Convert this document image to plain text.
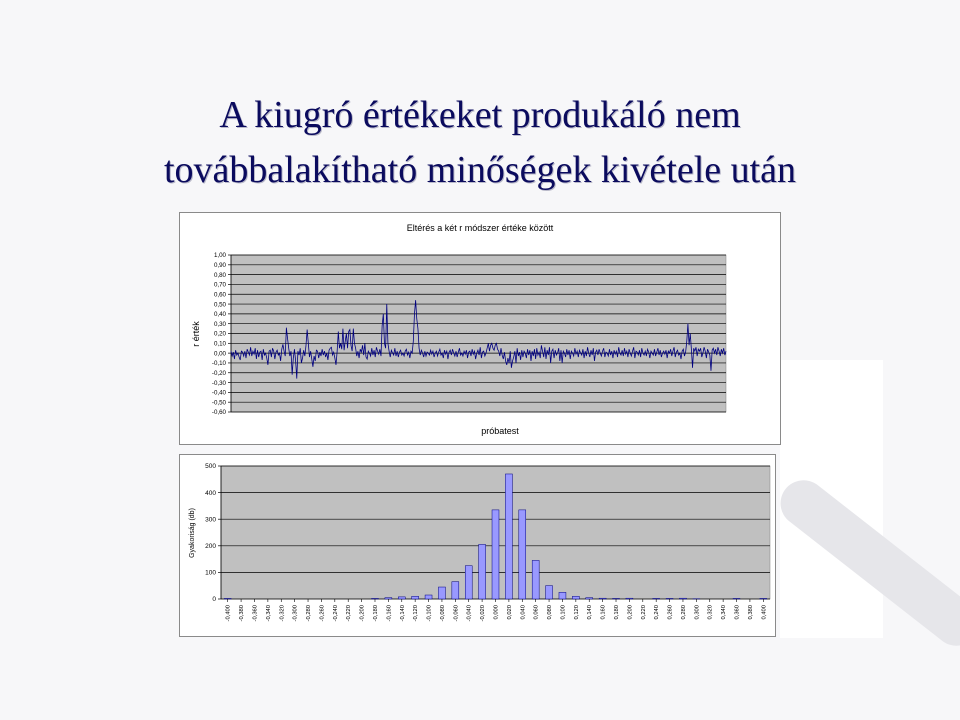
A kiugró értékeket produkáló nem
továbbalakítható minőségek kivétele után
Eltérés a két r módszer értéke között
r érték
próbatest
1,00
0,90
0,80
0,70
0,60
0,50
0,40
0,30
0,20
0,10
0,00
-0,10
-0,20
-0,30
-0,40
-0,50
-0,60
Gyakoriság (db)
500
400
300
200
100
0
-0,400 -0,380 -0,360 -0,340 -0,320 -0,300 -0,280 -0,260 -0,240 -0,220 -0,200 -0,180 -0,160 -0,140 -0,120 -0,100 -0,080 -0,060 -0,040 -0,020 0,000 0,020 0,040 0,060 0,080 0,100 0,120 0,140 0,160 0,180 0,200 0,220 0,240 0,260 0,280 0,300 0,320 0,340 0,360 0,380 0,400
